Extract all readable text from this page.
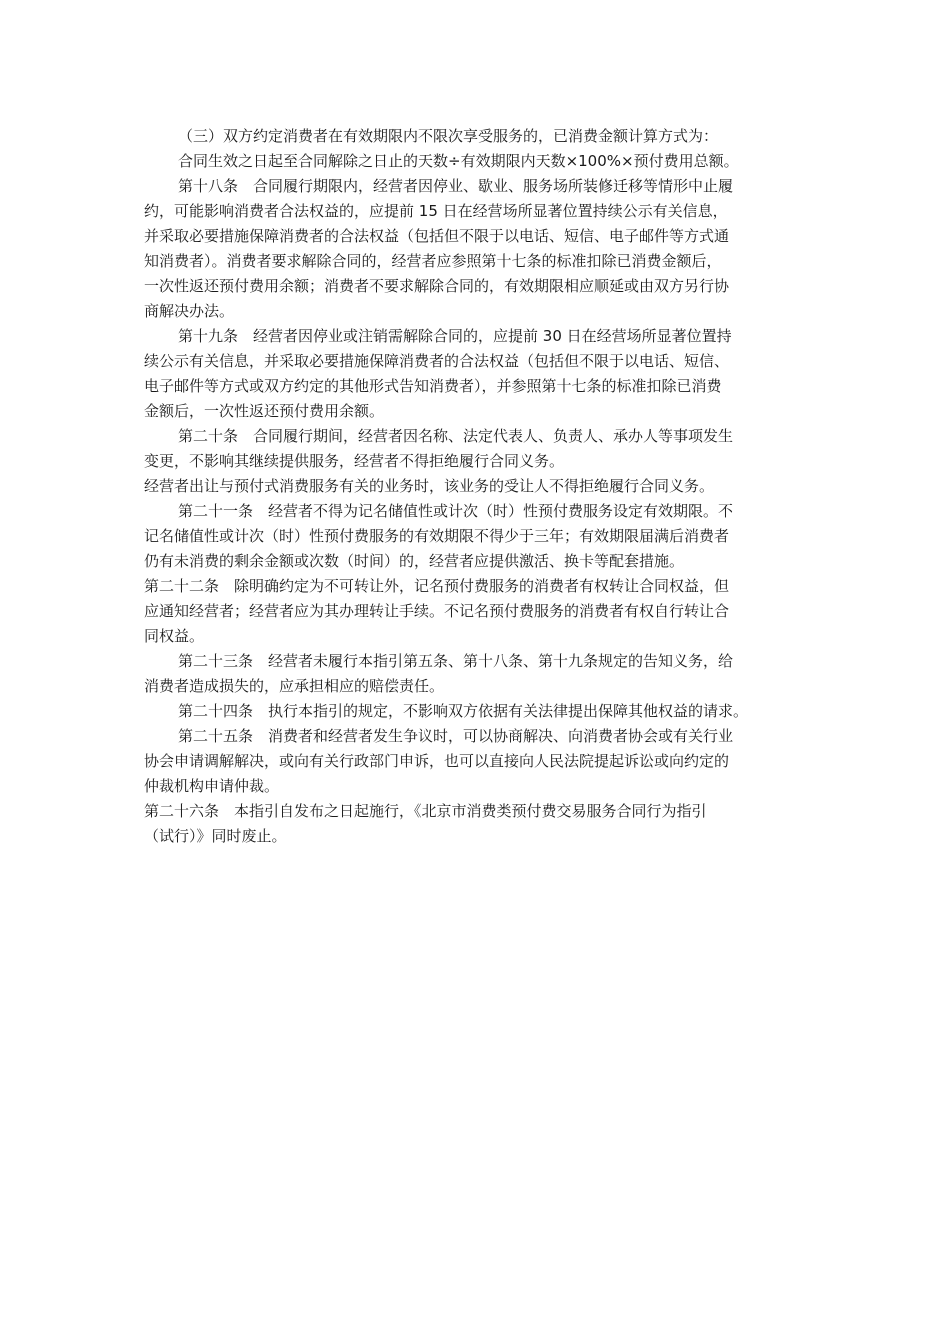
（三）双方约定消费者在有效期限内不限次享受服务的，已消费金额计算方式为：
合同生效之日起至合同解除之日止的天数÷有效期限内天数×100%×预付费用总额。
第十八条　合同履行期限内，经营者因停业、歇业、服务场所装修迁移等情形中止履
约，可能影响消费者合法权益的，应提前 15 日在经营场所显著位置持续公示有关信息，
并采取必要措施保障消费者的合法权益（包括但不限于以电话、短信、电子邮件等方式通
知消费者）。消费者要求解除合同的，经营者应参照第十七条的标准扣除已消费金额后，
一次性返还预付费用余额；消费者不要求解除合同的，有效期限相应顺延或由双方另行协
商解决办法。
第十九条　经营者因停业或注销需解除合同的，应提前 30 日在经营场所显著位置持
续公示有关信息，并采取必要措施保障消费者的合法权益（包括但不限于以电话、短信、
电子邮件等方式或双方约定的其他形式告知消费者），并参照第十七条的标准扣除已消费
金额后，一次性返还预付费用余额。
第二十条　合同履行期间，经营者因名称、法定代表人、负责人、承办人等事项发生
变更，不影响其继续提供服务，经营者不得拒绝履行合同义务。
经营者出让与预付式消费服务有关的业务时，该业务的受让人不得拒绝履行合同义务。
第二十一条　经营者不得为记名储值性或计次（时）性预付费服务设定有效期限。不
记名储值性或计次（时）性预付费服务的有效期限不得少于三年；有效期限届满后消费者
仍有未消费的剩余金额或次数（时间）的，经营者应提供激活、换卡等配套措施。
第二十二条　除明确约定为不可转让外，记名预付费服务的消费者有权转让合同权益，但
应通知经营者；经营者应为其办理转让手续。不记名预付费服务的消费者有权自行转让合
同权益。
第二十三条　经营者未履行本指引第五条、第十八条、第十九条规定的告知义务，给
消费者造成损失的，应承担相应的赔偿责任。
第二十四条　执行本指引的规定，不影响双方依据有关法律提出保障其他权益的请求。
第二十五条　消费者和经营者发生争议时，可以协商解决、向消费者协会或有关行业
协会申请调解解决，或向有关行政部门申诉，也可以直接向人民法院提起诉讼或向约定的
仲裁机构申请仲裁。
第二十六条　本指引自发布之日起施行，《北京市消费类预付费交易服务合同行为指引
（试行）》同时废止。
